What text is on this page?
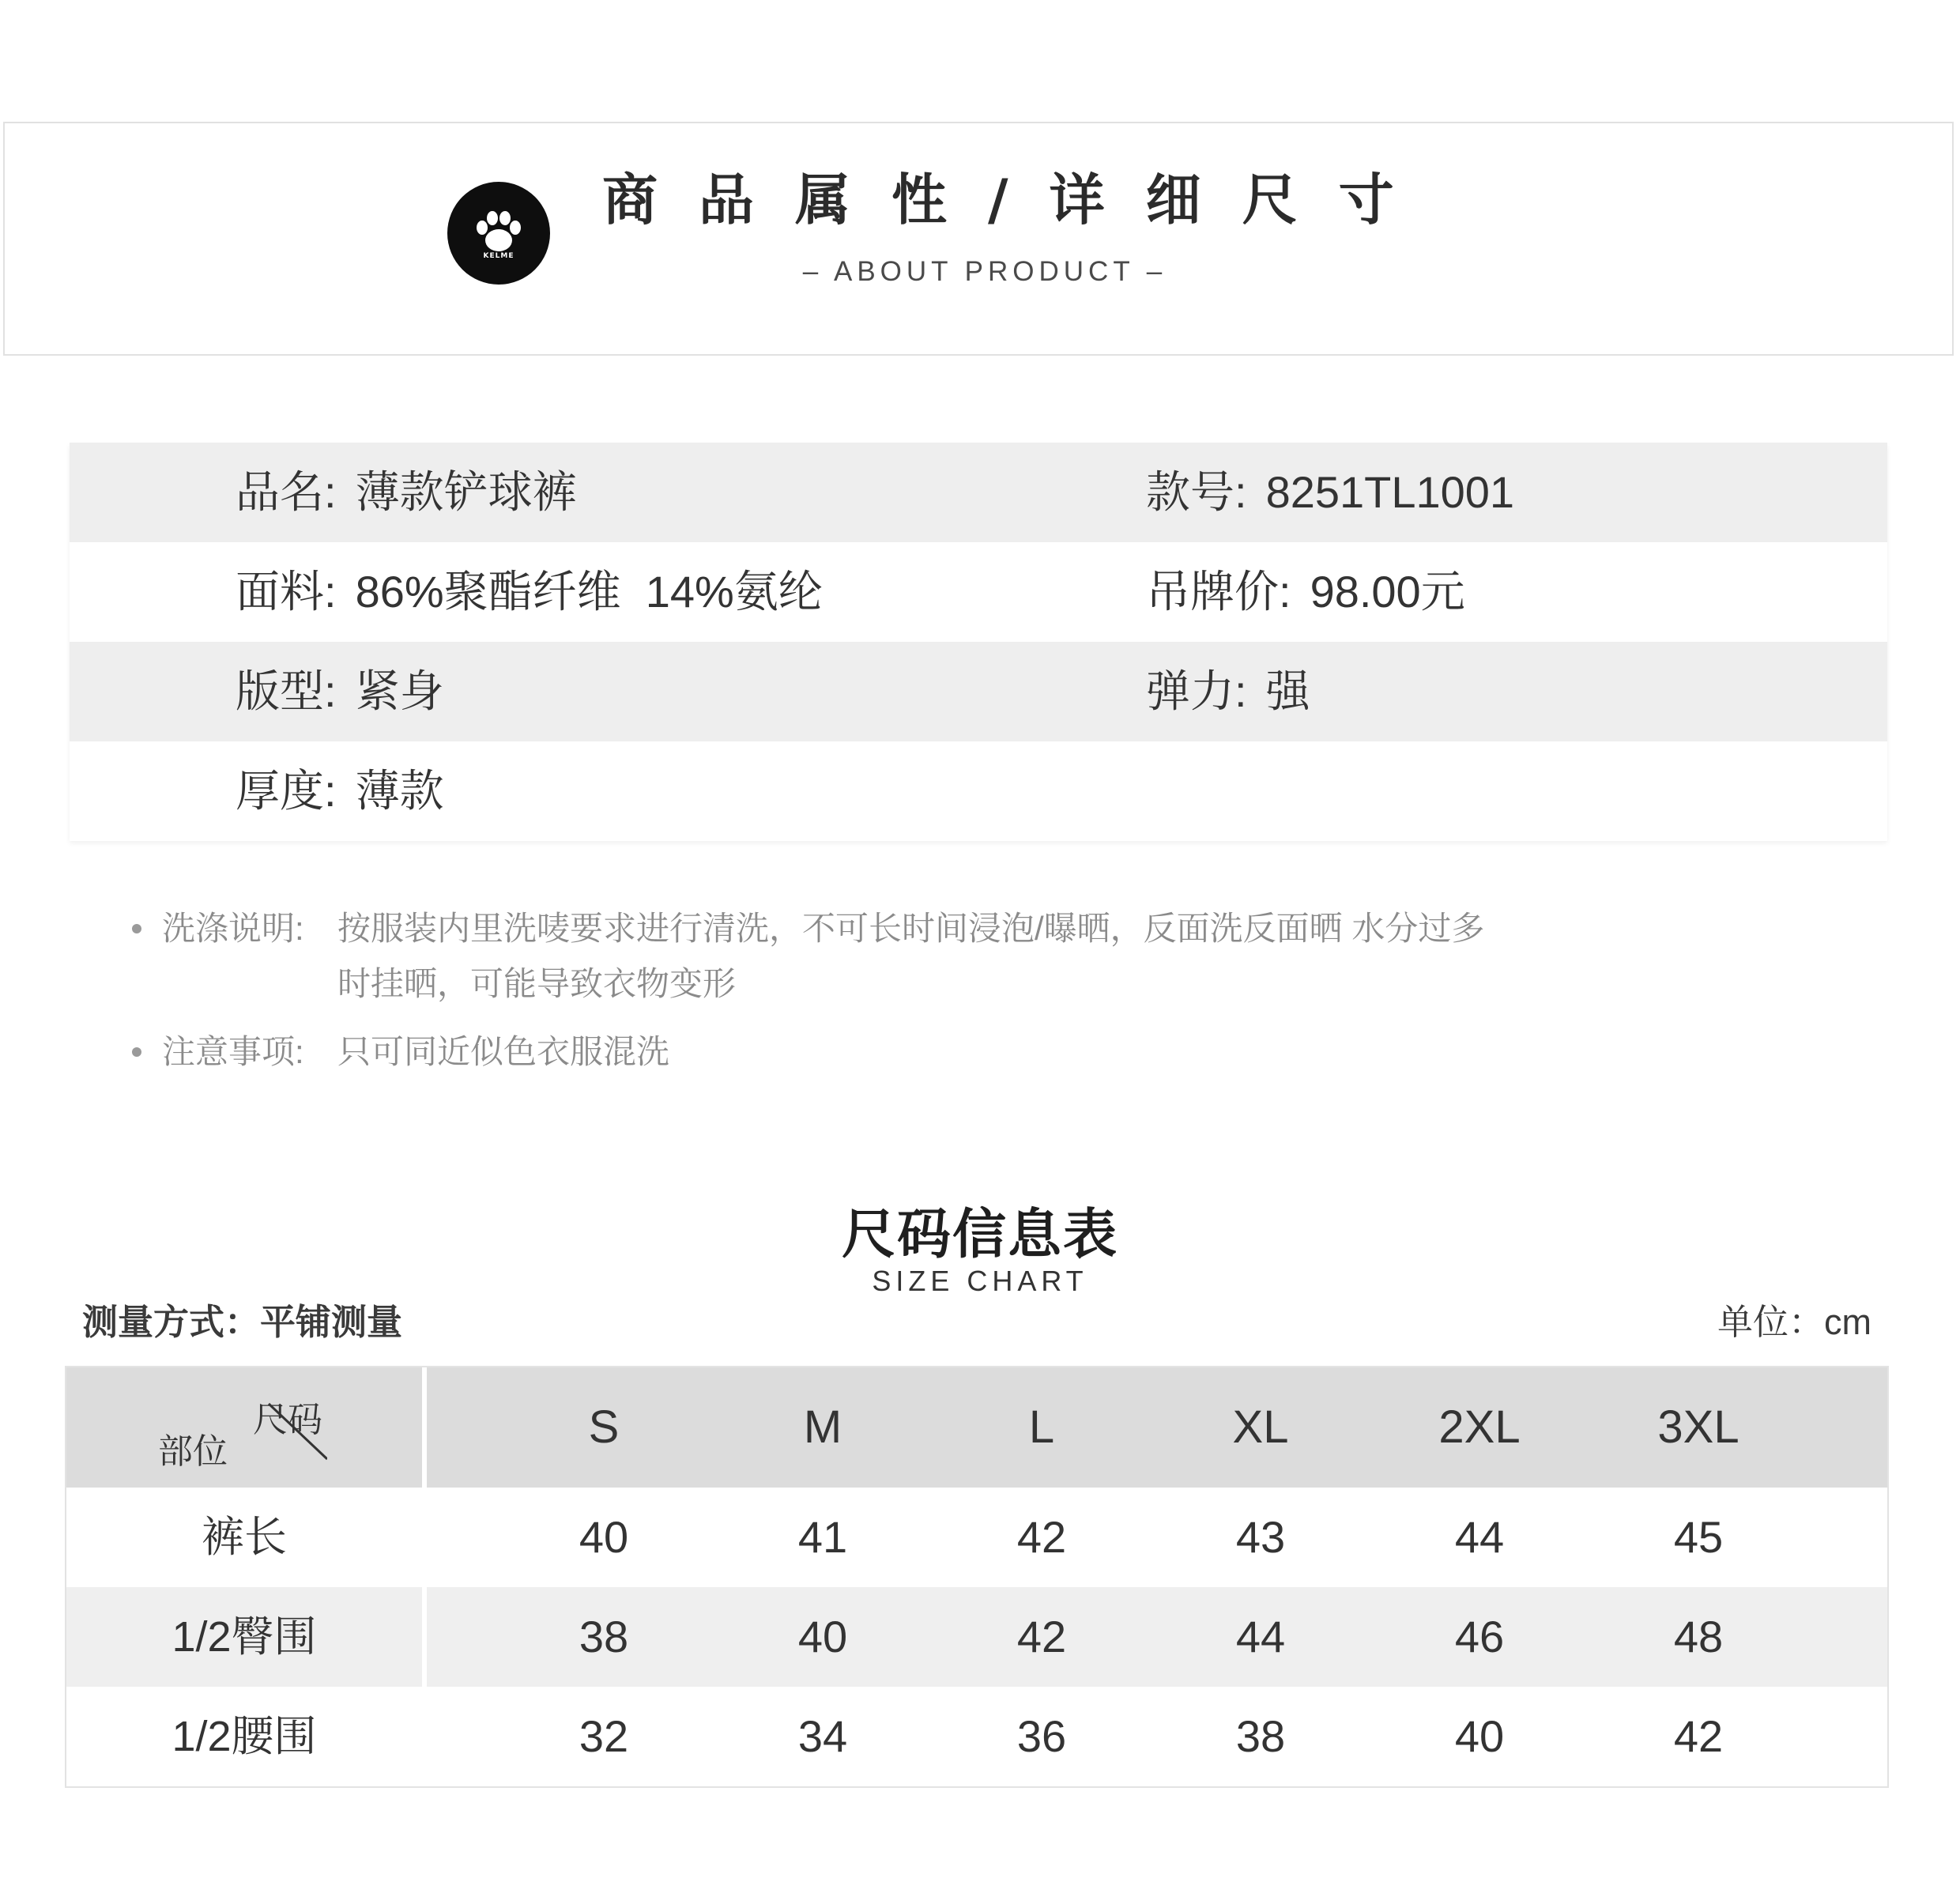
KELME
商品属性/详细尺寸
– ABOUT PRODUCT –
品名: 薄款铲球裤	款号: 8251TL1001
面料: 86%聚酯纤维  14%氨纶	吊牌价: 98.00元
版型: 紧身	弹力: 强
厚度: 薄款
洗涤说明: 按服装内里洗唛要求进行清洗，不可长时间浸泡/曝晒，反面洗反面晒 水分过多时挂晒，可能导致衣物变形
注意事项: 只可同近似色衣服混洗
尺码信息表
SIZE CHART
测量方式：平铺测量	单位：cm
尺码
部位	S	M	L	XL	2XL	3XL
裤长	40	41	42	43	44	45
1/2臀围	38	40	42	44	46	48
1/2腰围	32	34	36	38	40	42
